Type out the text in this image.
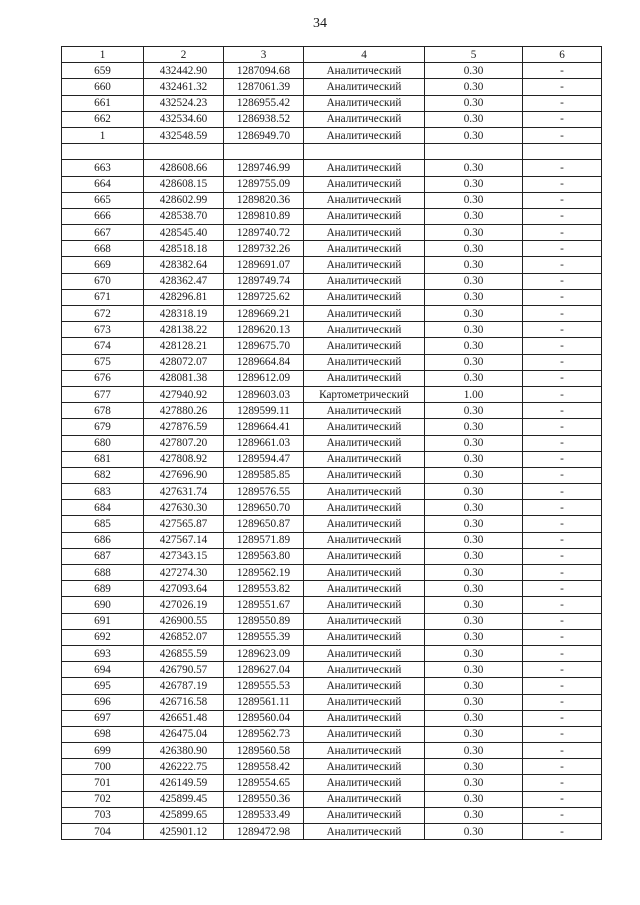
34
1	2	3	4	5	6
659	432442.90	1287094.68	Аналитический	0.30	-
660	432461.32	1287061.39	Аналитический	0.30	-
661	432524.23	1286955.42	Аналитический	0.30	-
662	432534.60	1286938.52	Аналитический	0.30	-
1	432548.59	1286949.70	Аналитический	0.30	-

663	428608.66	1289746.99	Аналитический	0.30	-
664	428608.15	1289755.09	Аналитический	0.30	-
665	428602.99	1289820.36	Аналитический	0.30	-
666	428538.70	1289810.89	Аналитический	0.30	-
667	428545.40	1289740.72	Аналитический	0.30	-
668	428518.18	1289732.26	Аналитический	0.30	-
669	428382.64	1289691.07	Аналитический	0.30	-
670	428362.47	1289749.74	Аналитический	0.30	-
671	428296.81	1289725.62	Аналитический	0.30	-
672	428318.19	1289669.21	Аналитический	0.30	-
673	428138.22	1289620.13	Аналитический	0.30	-
674	428128.21	1289675.70	Аналитический	0.30	-
675	428072.07	1289664.84	Аналитический	0.30	-
676	428081.38	1289612.09	Аналитический	0.30	-
677	427940.92	1289603.03	Картометрический	1.00	-
678	427880.26	1289599.11	Аналитический	0.30	-
679	427876.59	1289664.41	Аналитический	0.30	-
680	427807.20	1289661.03	Аналитический	0.30	-
681	427808.92	1289594.47	Аналитический	0.30	-
682	427696.90	1289585.85	Аналитический	0.30	-
683	427631.74	1289576.55	Аналитический	0.30	-
684	427630.30	1289650.70	Аналитический	0.30	-
685	427565.87	1289650.87	Аналитический	0.30	-
686	427567.14	1289571.89	Аналитический	0.30	-
687	427343.15	1289563.80	Аналитический	0.30	-
688	427274.30	1289562.19	Аналитический	0.30	-
689	427093.64	1289553.82	Аналитический	0.30	-
690	427026.19	1289551.67	Аналитический	0.30	-
691	426900.55	1289550.89	Аналитический	0.30	-
692	426852.07	1289555.39	Аналитический	0.30	-
693	426855.59	1289623.09	Аналитический	0.30	-
694	426790.57	1289627.04	Аналитический	0.30	-
695	426787.19	1289555.53	Аналитический	0.30	-
696	426716.58	1289561.11	Аналитический	0.30	-
697	426651.48	1289560.04	Аналитический	0.30	-
698	426475.04	1289562.73	Аналитический	0.30	-
699	426380.90	1289560.58	Аналитический	0.30	-
700	426222.75	1289558.42	Аналитический	0.30	-
701	426149.59	1289554.65	Аналитический	0.30	-
702	425899.45	1289550.36	Аналитический	0.30	-
703	425899.65	1289533.49	Аналитический	0.30	-
704	425901.12	1289472.98	Аналитический	0.30	-
